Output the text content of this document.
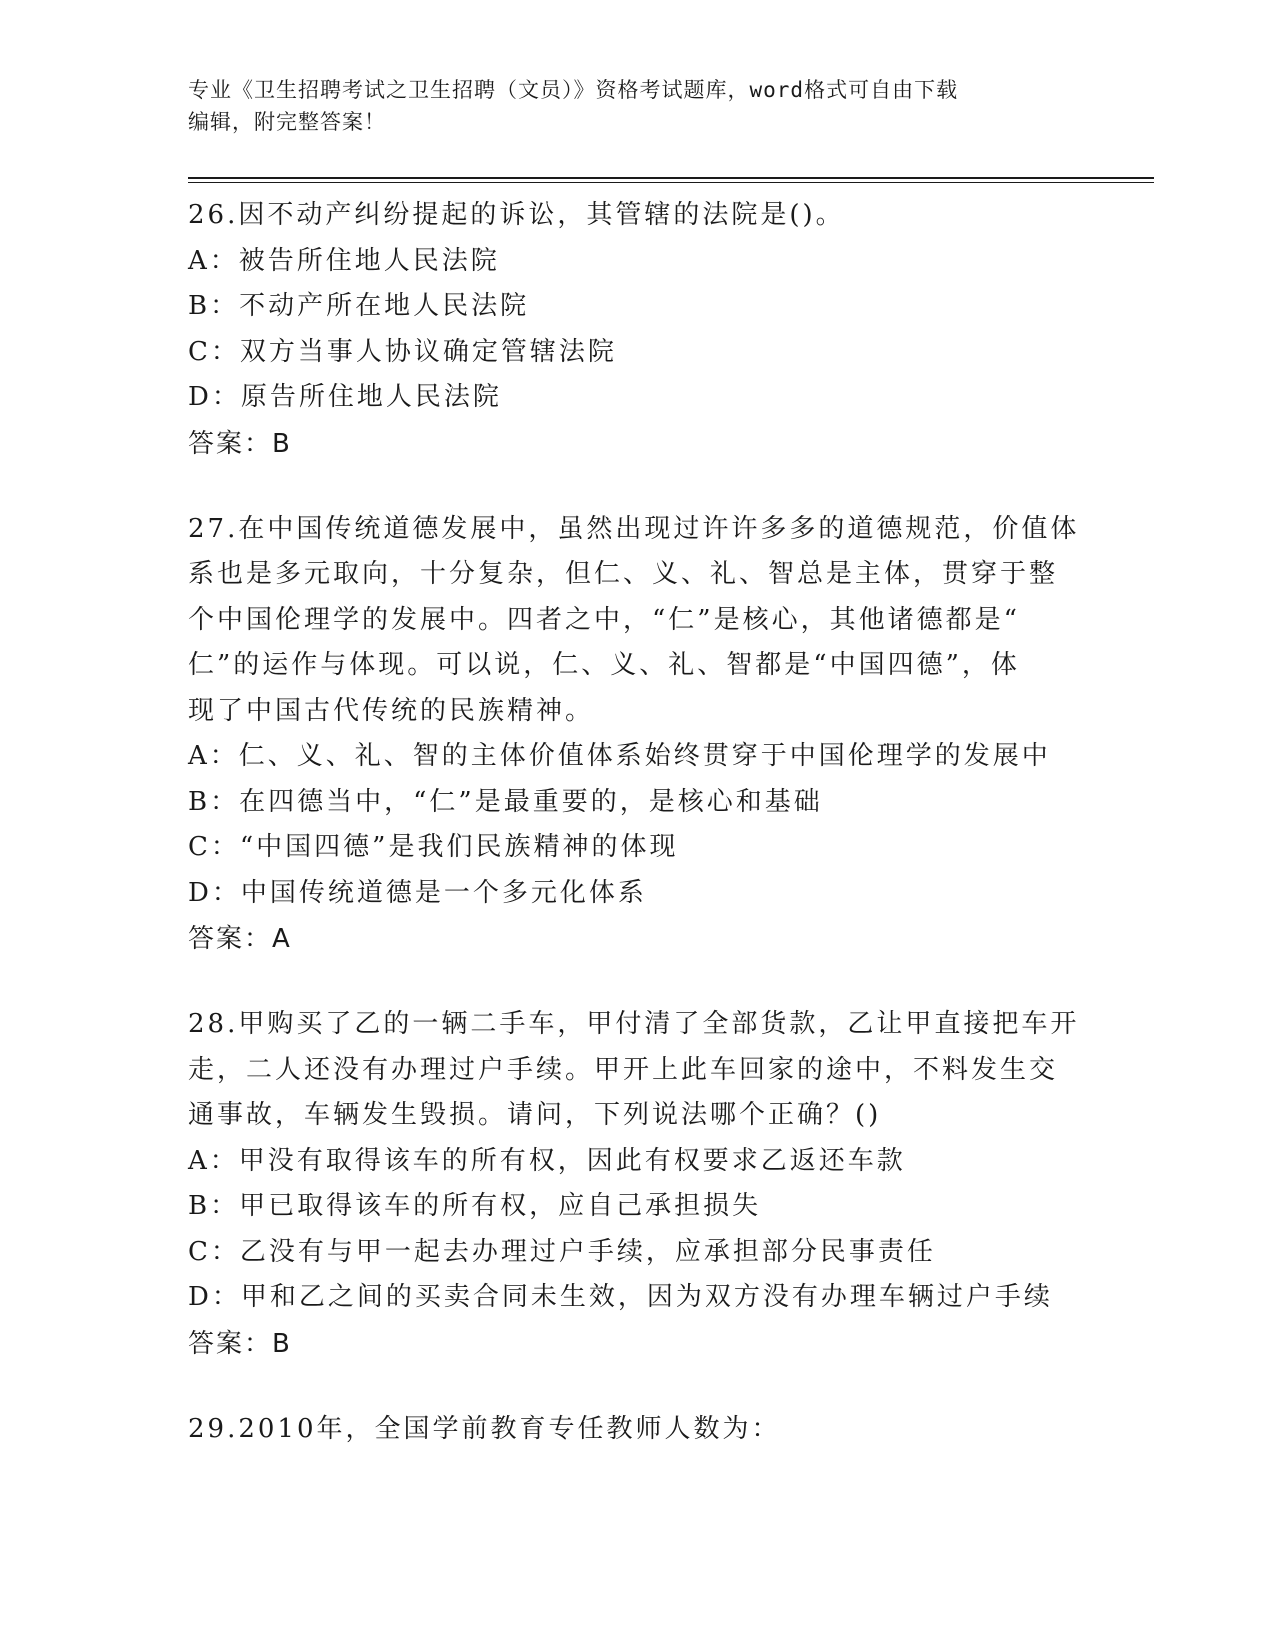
专业《卫生招聘考试之卫生招聘（文员）》资格考试题库，word格式可自由下载
编辑，附完整答案！
26.因不动产纠纷提起的诉讼，其管辖的法院是()。
A：被告所住地人民法院
B：不动产所在地人民法院
C：双方当事人协议确定管辖法院
D：原告所住地人民法院
答案：B
27.在中国传统道德发展中，虽然出现过许许多多的道德规范，价值体
系也是多元取向，十分复杂，但仁、义、礼、智总是主体，贯穿于整
个中国伦理学的发展中。四者之中，“仁”是核心，其他诸德都是“
仁”的运作与体现。可以说，仁、义、礼、智都是“中国四德”，体
现了中国古代传统的民族精神。
A：仁、义、礼、智的主体价值体系始终贯穿于中国伦理学的发展中
B：在四德当中，“仁”是最重要的，是核心和基础
C：“中国四德”是我们民族精神的体现
D：中国传统道德是一个多元化体系
答案：A
28.甲购买了乙的一辆二手车，甲付清了全部货款，乙让甲直接把车开
走，二人还没有办理过户手续。甲开上此车回家的途中，不料发生交
通事故，车辆发生毁损。请问，下列说法哪个正确？()
A：甲没有取得该车的所有权，因此有权要求乙返还车款
B：甲已取得该车的所有权，应自己承担损失
C：乙没有与甲一起去办理过户手续，应承担部分民事责任
D：甲和乙之间的买卖合同未生效，因为双方没有办理车辆过户手续
答案：B
29.2010年，全国学前教育专任教师人数为：
